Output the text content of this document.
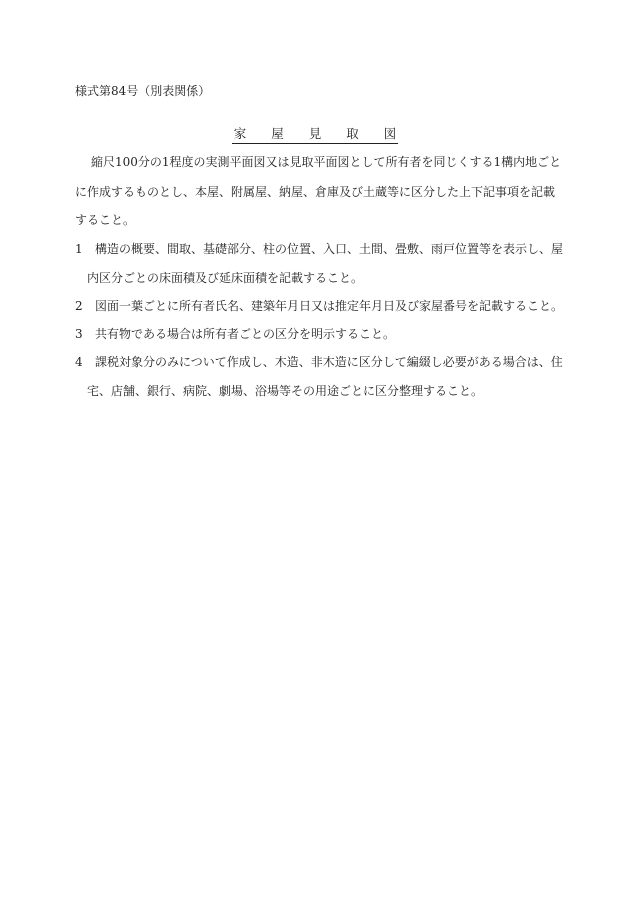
様式第84号（別表関係）
家　　屋　　見　　取　　図
縮尺100分の1程度の実測平面図又は見取平面図として所有者を同じくする1構内地ごと
に作成するものとし、本屋、附属屋、納屋、倉庫及び土蔵等に区分した上下記事項を記載
すること。
1 構造の概要、間取、基礎部分、柱の位置、入口、土間、畳敷、雨戸位置等を表示し、屋
内区分ごとの床面積及び延床面積を記載すること。
2 図面一葉ごとに所有者氏名、建築年月日又は推定年月日及び家屋番号を記載すること。
3 共有物である場合は所有者ごとの区分を明示すること。
4 課税対象分のみについて作成し、木造、非木造に区分して編綴し必要がある場合は、住
宅、店舗、銀行、病院、劇場、浴場等その用途ごとに区分整理すること。
